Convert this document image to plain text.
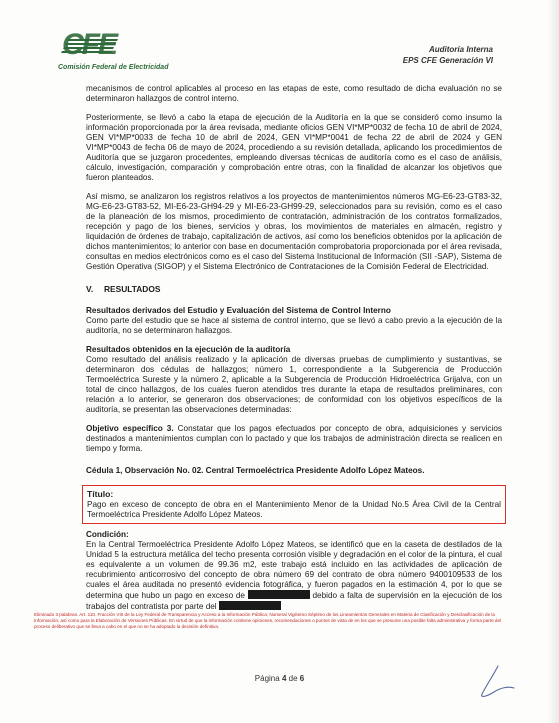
CFE
Comisión Federal de Electricidad
Auditoría Interna
EPS CFE Generación VI

mecanismos de control aplicables al proceso en las etapas de este, como resultado de dicha evaluación no se determinaron hallazgos de control interno.

Posteriormente, se llevó a cabo la etapa de ejecución de la Auditoría en la que se consideró como insumo la información proporcionada por la área revisada, mediante oficios GEN VI*MP*0032 de fecha 10 de abril de 2024, GEN VI*MP*0033 de fecha 10 de abril de 2024, GEN VI*MP*0041 de fecha 22 de abril de 2024 y GEN VI*MP*0043 de fecha 06 de mayo de 2024, procediendo a su revisión detallada, aplicando los procedimientos de Auditoría que se juzgaron procedentes, empleando diversas técnicas de auditoría como es el caso de análisis, cálculo, investigación, comparación y comprobación entre otras, con la finalidad de alcanzar los objetivos que fueron planteados.

Así mismo, se analizaron los registros relativos a los proyectos de mantenimientos números MG-E6-23-GT83-32, MG-E6-23-GT83-52, MI-E6-23-GH94-29 y MI-E6-23-GH99-29, seleccionados para su revisión, como es el caso de la planeación de los mismos, procedimiento de contratación, administración de los contratos formalizados, recepción y pago de los bienes, servicios y obras, los movimientos de materiales en almacén, registro y liquidación de órdenes de trabajo, capitalización de activos, así como los beneficios obtenidos por la aplicación de dichos mantenimientos; lo anterior con base en documentación comprobatoria proporcionada por el área revisada, consultas en medios electrónicos como es el caso del Sistema Institucional de Información (SII -SAP), Sistema de Gestión Operativa (SIGOP) y el Sistema Electrónico de Contrataciones de la Comisión Federal de Electricidad.

V. RESULTADOS

Resultados derivados del Estudio y Evaluación del Sistema de Control Interno

Como parte del estudio que se hace al sistema de control interno, que se llevó a cabo previo a la ejecución de la auditoría, no se determinaron hallazgos.

Resultados obtenidos en la ejecución de la auditoría

Como resultado del análisis realizado y la aplicación de diversas pruebas de cumplimiento y sustantivas, se determinaron dos cédulas de hallazgos; número 1, correspondiente a la Subgerencia de Producción Termoeléctrica Sureste y la número 2, aplicable a la Subgerencia de Producción Hidroeléctrica Grijalva, con un total de cinco hallazgos, de los cuales fueron atendidos tres durante la etapa de resultados preliminares, con relación a lo anterior, se generaron dos observaciones; de conformidad con los objetivos específicos de la auditoría, se presentan las observaciones determinadas:

Objetivo específico 3. Constatar que los pagos efectuados por concepto de obra, adquisiciones y servicios destinados a mantenimientos cumplan con lo pactado y que los trabajos de administración directa se realicen en tiempo y forma.

Cédula 1, Observación No. 02. Central Termoeléctrica Presidente Adolfo López Mateos.

Título:

Pago en exceso de concepto de obra en el Mantenimiento Menor de la Unidad No.5 Área Civil de la Central Termoeléctrica Presidente Adolfo López Mateos.

Condición:

En la Central Termoeléctrica Presidente Adolfo López Mateos, se identificó que en la caseta de destilados de la Unidad 5 la estructura metálica del techo presenta corrosión visible y degradación en el color de la pintura, el cual es equivalente a un volumen de 99.36 m2, este trabajo está incluido en las actividades de aplicación de recubrimiento anticorrosivo del concepto de obra número 69 del contrato de obra número 9400109533 de los cuales el área auditada no presentó evidencia fotográfica, y fueron pagados en la estimación 4, por lo que se determina que hubo un pago en exceso de	debido a falta de supervisión en la ejecución de los trabajos del contratista por parte del

Eliminado 3 palabras. Art. 110. Fracción VIII de la Ley Federal de Transparencia y Acceso a la Información Pública; Numeral Vigésimo Séptimo de los Lineamientos Generales en Materia de Clasificación y Desclasificación de la Información, así como para la Elaboración de Versiones Públicas. En virtud de que la información contiene opiniones, recomendaciones o puntos de vista de en los que se presume una posible falta administrativa y forma parte del proceso deliberativo que se lleva a cabo en el que no se ha adoptado la decisión definitiva.
Página 4 de 6
